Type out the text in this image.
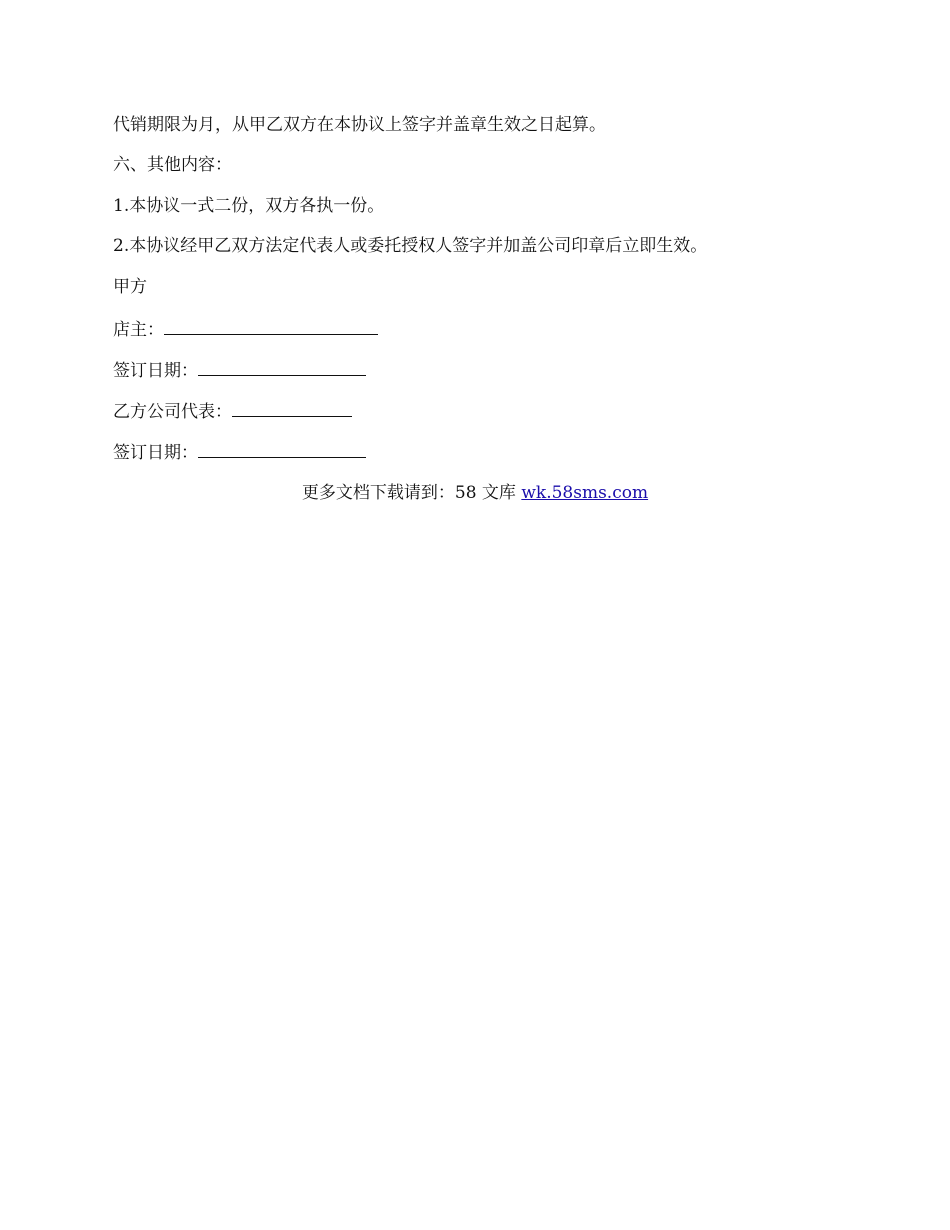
代销期限为月，从甲乙双方在本协议上签字并盖章生效之日起算。
六、其他内容：
1.本协议一式二份，双方各执一份。
2.本协议经甲乙双方法定代表人或委托授权人签字并加盖公司印章后立即生效。
甲方
店主：
签订日期：
乙方公司代表：
签订日期：
更多文档下载请到：58 文库 wk.58sms.com
